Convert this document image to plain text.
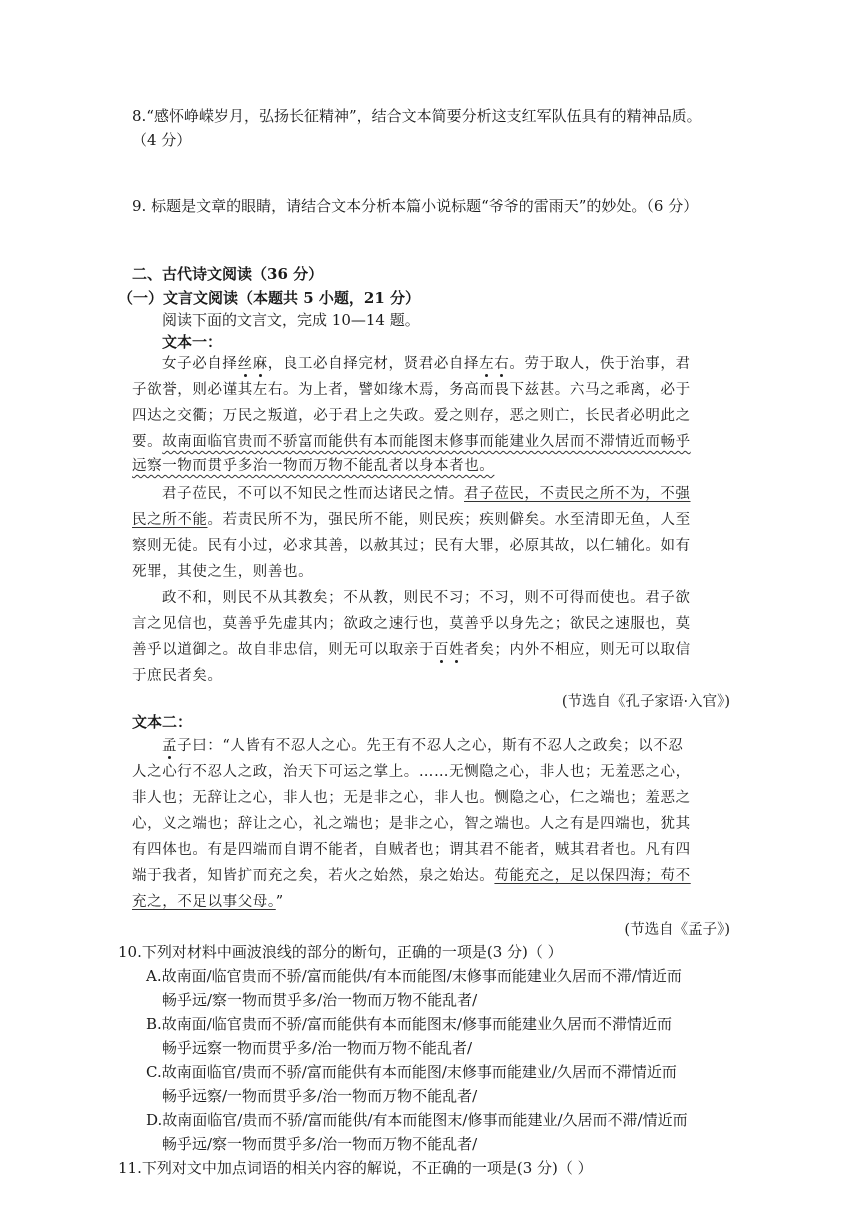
8.“感怀峥嵘岁月，弘扬长征精神”，结合文本简要分析这支红军队伍具有的精神品质。
（4 分）
9. 标题是文章的眼睛，请结合文本分析本篇小说标题“爷爷的雷雨天”的妙处。（6 分）
二、古代诗文阅读（36 分）
（一）文言文阅读（本题共 5 小题，21 分）
阅读下面的文言文，完成 10—14 题。
文本一：
女子必自择丝麻，良工必自择完材，贤君必自择左右。劳于取人，佚于治事，君
子欲誉，则必谨其左右。为上者，譬如缘木焉，务高而畏下兹甚。六马之乖离，必于
四达之交衢；万民之叛道，必于君上之失政。爱之则存，恶之则亡，长民者必明此之
要。故南面临官贵而不骄富而能供有本而能图末修事而能建业久居而不滞情近而畅乎
远察一物而贯乎多治一物而万物不能乱者以身本者也。
君子莅民，不可以不知民之性而达诸民之情。君子莅民，不责民之所不为，不强
民之所不能。若责民所不为，强民所不能，则民疾；疾则僻矣。水至清即无鱼，人至
察则无徒。民有小过，必求其善，以赦其过；民有大罪，必原其故，以仁辅化。如有
死罪，其使之生，则善也。
政不和，则民不从其教矣；不从教，则民不习；不习，则不可得而使也。君子欲
言之见信也，莫善乎先虚其内；欲政之速行也，莫善乎以身先之；欲民之速服也，莫
善乎以道御之。故自非忠信，则无可以取亲于百姓者矣；内外不相应，则无可以取信
于庶民者矣。
(节选自《孔子家语·入官》)
文本二：
孟子曰：“人皆有不忍人之心。先王有不忍人之心，斯有不忍人之政矣；以不忍
人之心行不忍人之政，治天下可运之掌上。……无恻隐之心，非人也；无羞恶之心，
非人也；无辞让之心，非人也；无是非之心，非人也。恻隐之心，仁之端也；羞恶之
心，义之端也；辞让之心，礼之端也；是非之心，智之端也。人之有是四端也，犹其
有四体也。有是四端而自谓不能者，自贼者也；谓其君不能者，贼其君者也。凡有四
端于我者，知皆扩而充之矣，若火之始然，泉之始达。苟能充之，足以保四海；苟不
充之，不足以事父母。”
(节选自《孟子》)
10.下列对材料中画波浪线的部分的断句，正确的一项是(3 分)（ ）
A.故南面/临官贵而不骄/富而能供/有本而能图/末修事而能建业久居而不滞/情近而
畅乎远/察一物而贯乎多/治一物而万物不能乱者/
B.故南面/临官贵而不骄/富而能供有本而能图末/修事而能建业久居而不滞情近而
畅乎远察一物而贯乎多/治一物而万物不能乱者/
C.故南面临官/贵而不骄/富而能供有本而能图/末修事而能建业/久居而不滞情近而
畅乎远察/一物而贯乎多/治一物而万物不能乱者/
D.故南面临官/贵而不骄/富而能供/有本而能图末/修事而能建业/久居而不滞/情近而
畅乎远/察一物而贯乎多/治一物而万物不能乱者/
11.下列对文中加点词语的相关内容的解说，不正确的一项是(3 分)（ ）
